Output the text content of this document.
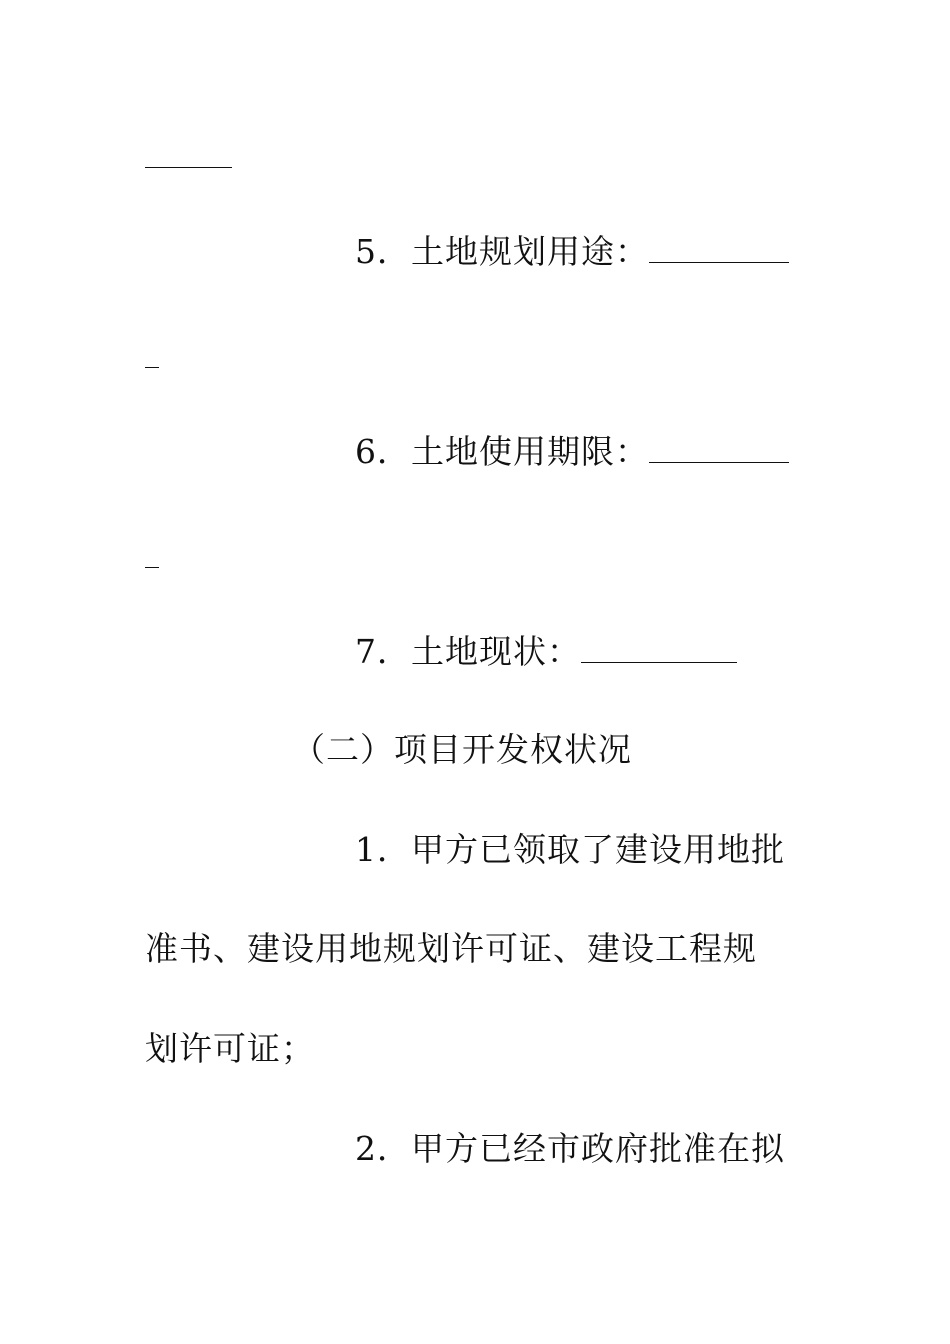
5．土地规划用途：
6．土地使用期限：
7．土地现状：
（二）项目开发权状况
1．甲方已领取了建设用地批
准书、建设用地规划许可证、建设工程规
划许可证；
2．甲方已经市政府批准在拟
